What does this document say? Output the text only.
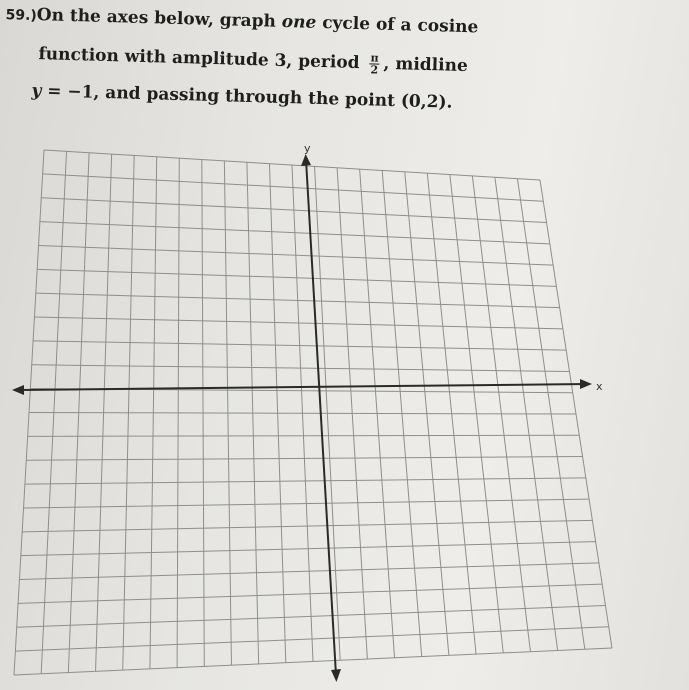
59.)On the axes below, graph one cycle of a cosine
function with amplitude 3, period $\frac{\pi}{2}$ , midline
y = −1, and passing through the point (0,2).
x
y
